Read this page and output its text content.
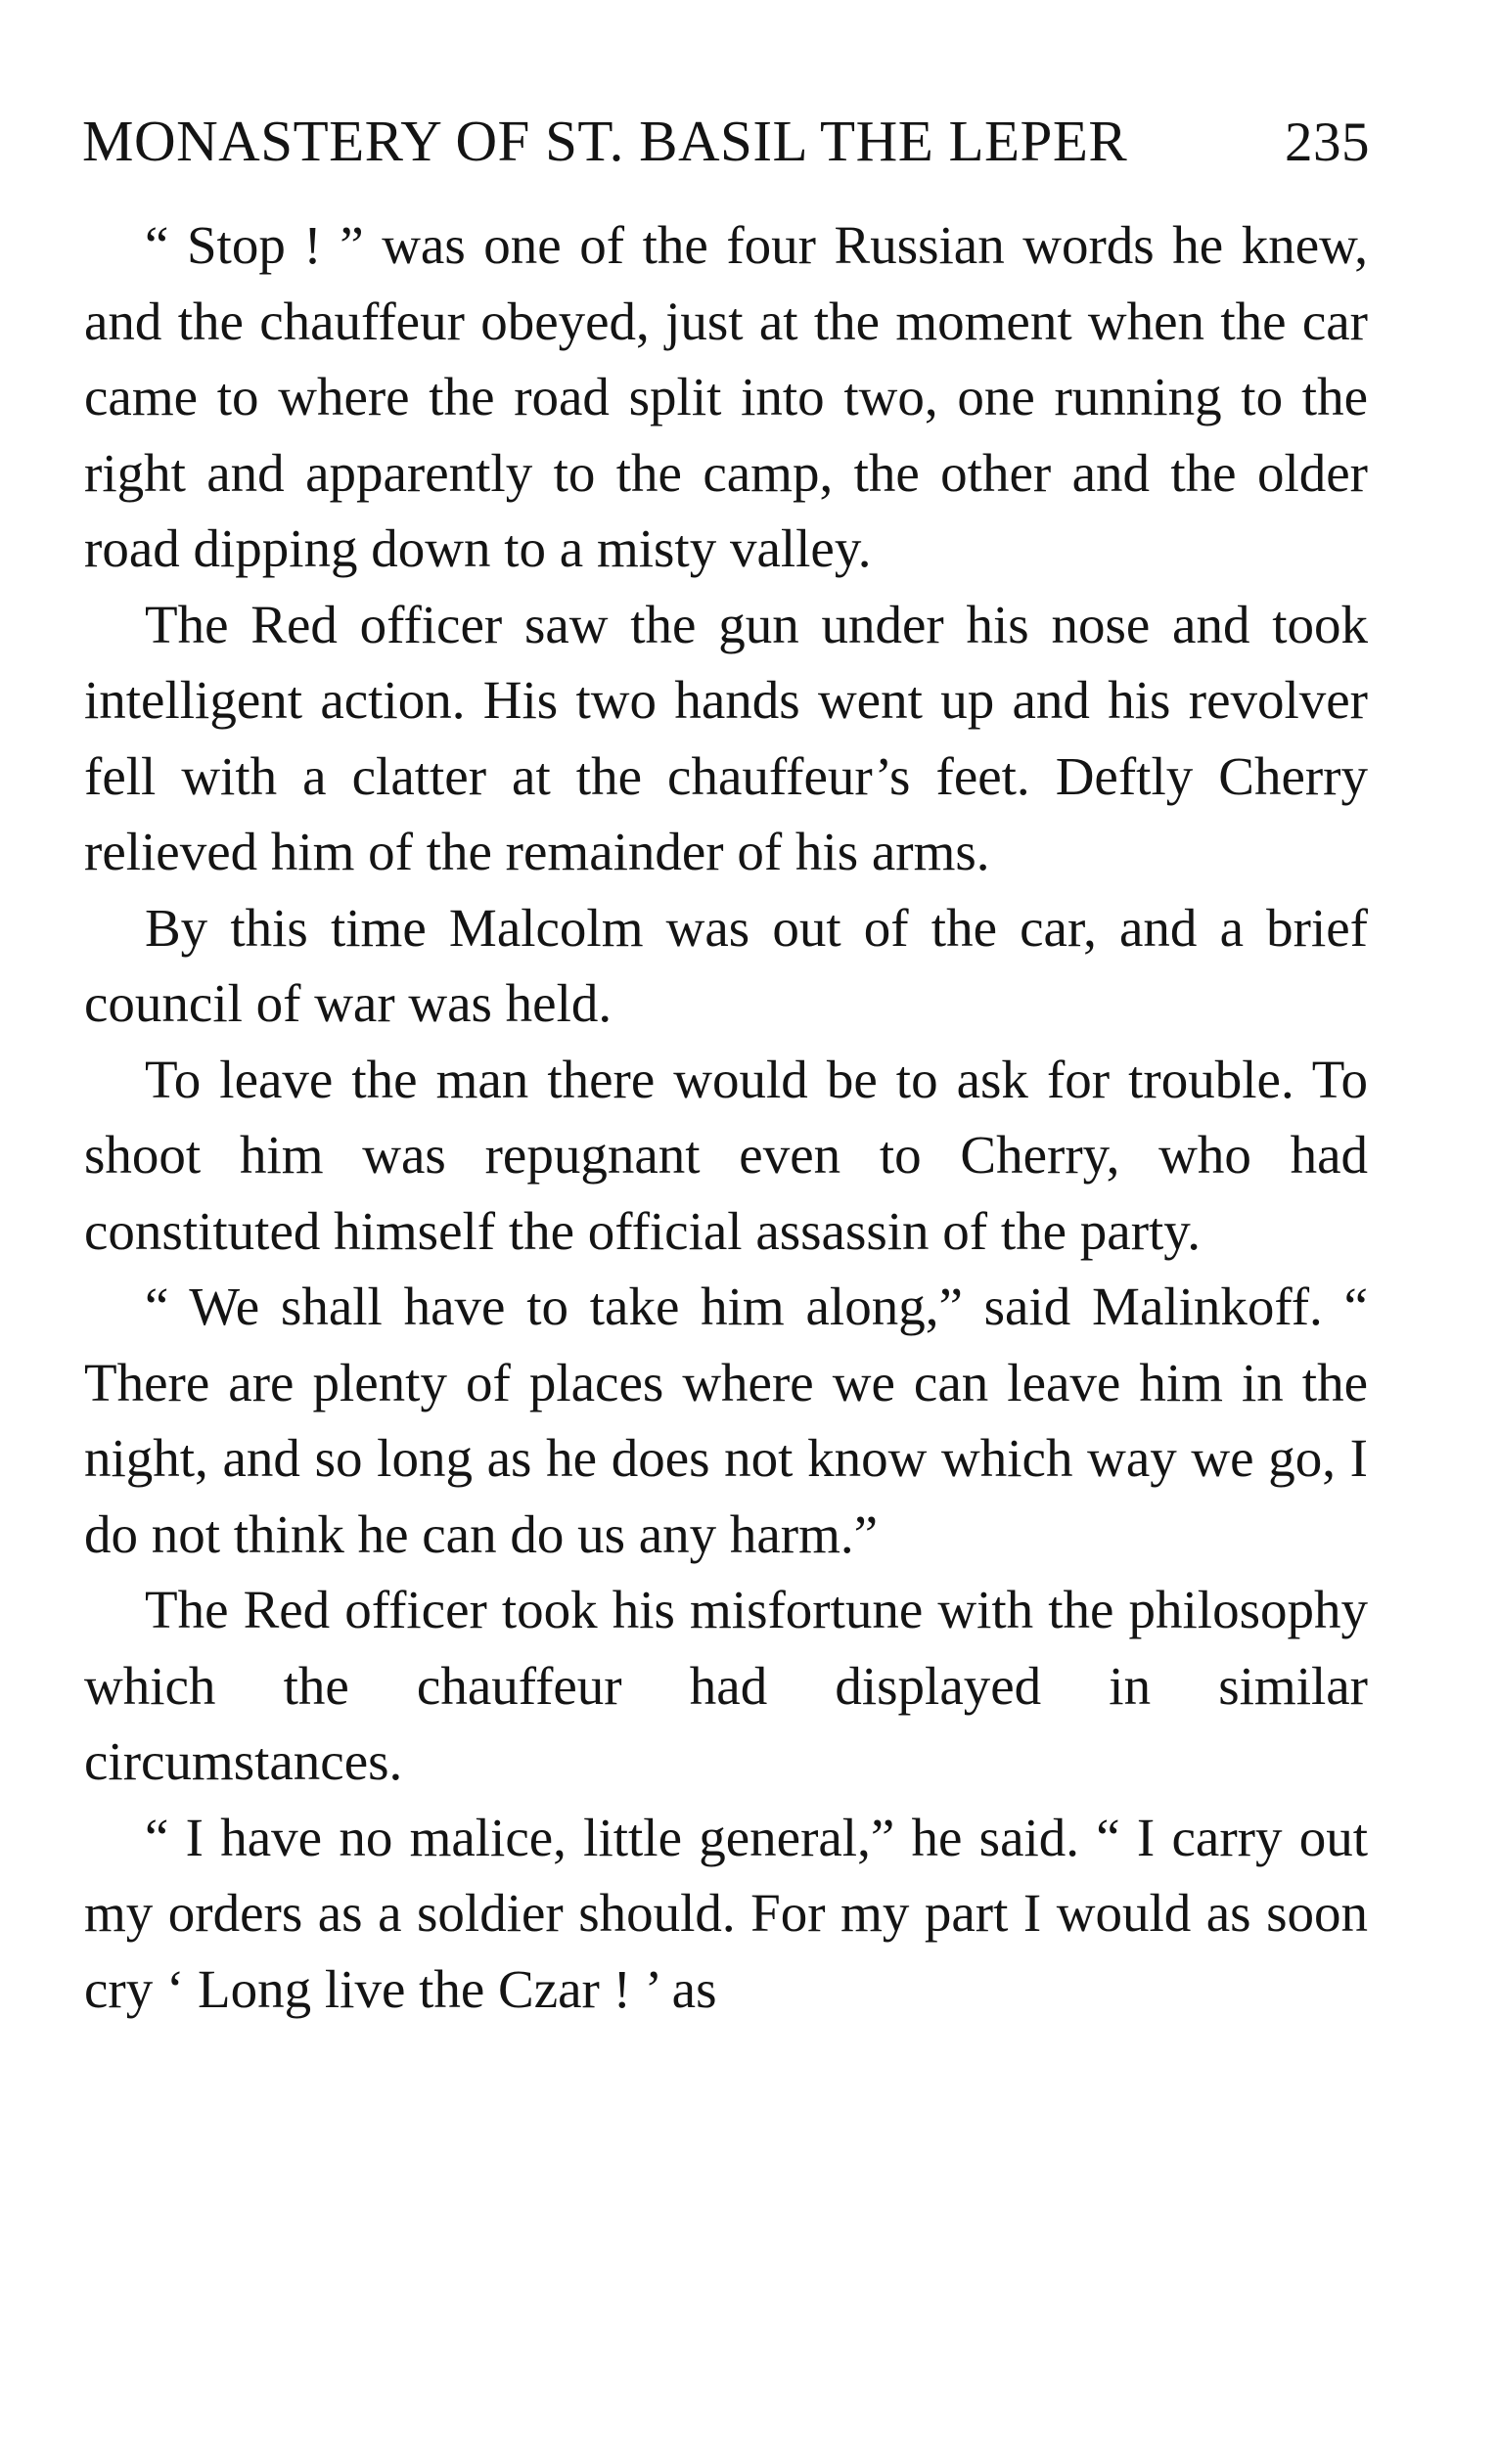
MONASTERY OF ST. BASIL THE LEPER	235

“ Stop ! ” was one of the four Russian words he knew, and the chauffeur obeyed, just at the moment when the car came to where the road split into two, one running to the right and apparently to the camp, the other and the older road dipping down to a misty valley.

The Red officer saw the gun under his nose and took intelligent action. His two hands went up and his revolver fell with a clatter at the chauffeur’s feet. Deftly Cherry relieved him of the remainder of his arms.

By this time Malcolm was out of the car, and a brief council of war was held.

To leave the man there would be to ask for trouble. To shoot him was repugnant even to Cherry, who had constituted himself the official assassin of the party.

“ We shall have to take him along,” said Malinkoff. “ There are plenty of places where we can leave him in the night, and so long as he does not know which way we go, I do not think he can do us any harm.”

The Red officer took his misfortune with the philosophy which the chauffeur had displayed in similar circumstances.

“ I have no malice, little general,” he said. “ I carry out my orders as a soldier should. For my part I would as soon cry ‘ Long live the Czar ! ’ as
